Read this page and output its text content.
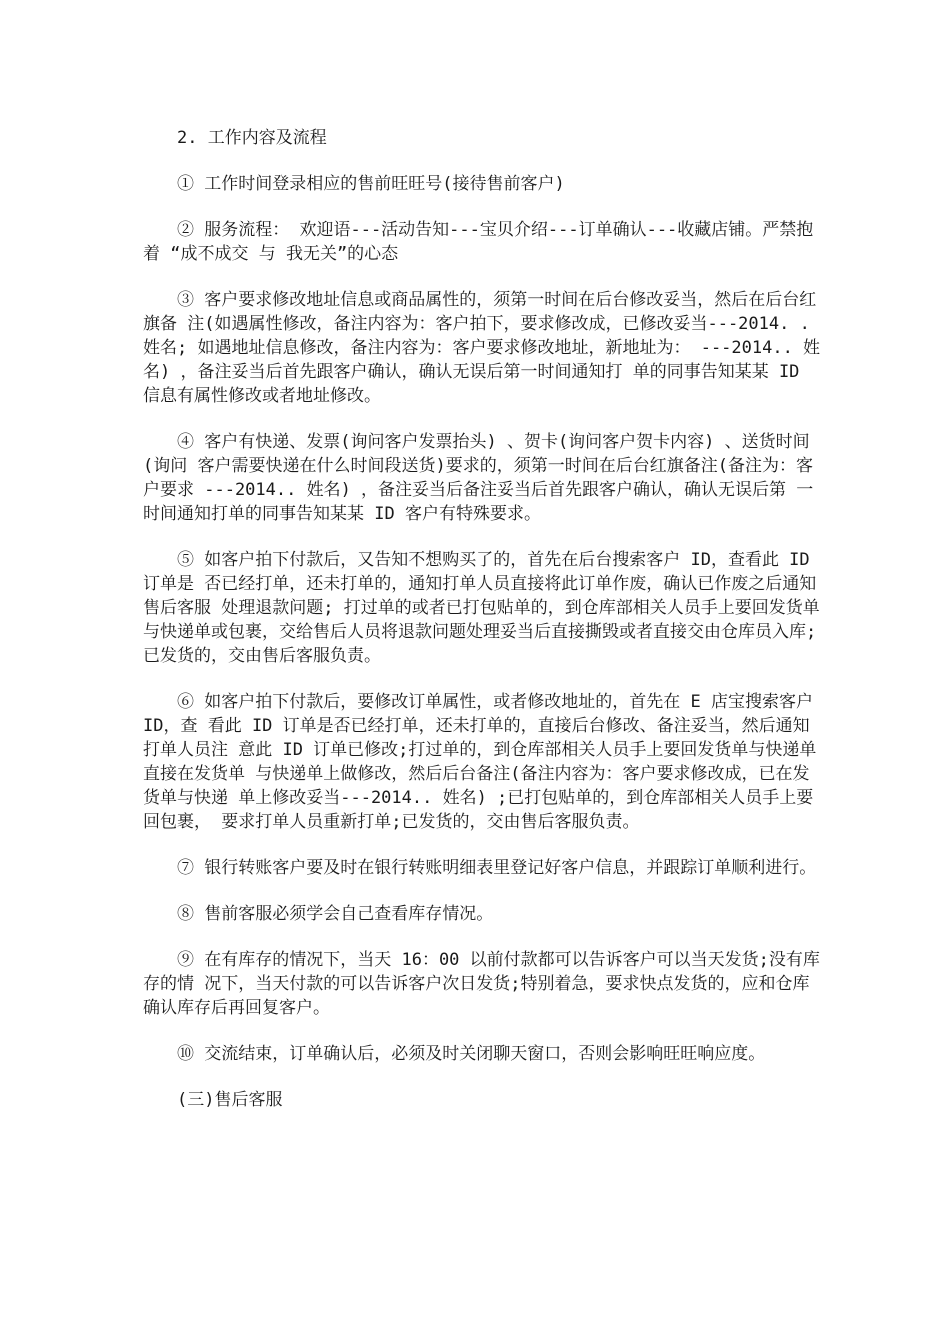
2. 工作内容及流程

① 工作时间登录相应的售前旺旺号(接待售前客户)

② 服务流程： 欢迎语---活动告知---宝贝介绍---订单确认---收藏店铺。严禁抱着 “成不成交 与 我无关”的心态

③ 客户要求修改地址信息或商品属性的，须第一时间在后台修改妥当，然后在后台红旗备 注(如遇属性修改，备注内容为：客户拍下，要求修改成，已修改妥当---2014. . 姓名; 如遇地址信息修改，备注内容为：客户要求修改地址，新地址为： ---2014.. 姓名) ，备注妥当后首先跟客户确认，确认无误后第一时间通知打 单的同事告知某某 ID 信息有属性修改或者地址修改。

④ 客户有快递、发票(询问客户发票抬头) 、贺卡(询问客户贺卡内容) 、送货时间(询问 客户需要快递在什么时间段送货)要求的，须第一时间在后台红旗备注(备注为：客户要求 ---2014.. 姓名) ，备注妥当后备注妥当后首先跟客户确认，确认无误后第 一时间通知打单的同事告知某某 ID 客户有特殊要求。

⑤ 如客户拍下付款后，又告知不想购买了的，首先在后台搜索客户 ID，查看此 ID 订单是 否已经打单，还未打单的，通知打单人员直接将此订单作废，确认已作废之后通知售后客服 处理退款问题; 打过单的或者已打包贴单的，到仓库部相关人员手上要回发货单与快递单或包裹，交给售后人员将退款问题处理妥当后直接撕毁或者直接交由仓库员入库;已发货的，交由售后客服负责。

⑥ 如客户拍下付款后，要修改订单属性，或者修改地址的，首先在 E 店宝搜索客户 ID，查 看此 ID 订单是否已经打单，还未打单的，直接后台修改、备注妥当，然后通知打单人员注 意此 ID 订单已修改;打过单的，到仓库部相关人员手上要回发货单与快递单直接在发货单 与快递单上做修改，然后后台备注(备注内容为：客户要求修改成，已在发货单与快递 单上修改妥当---2014.. 姓名) ;已打包贴单的，到仓库部相关人员手上要回包裹， 要求打单人员重新打单;已发货的，交由售后客服负责。

⑦ 银行转账客户要及时在银行转账明细表里登记好客户信息，并跟踪订单顺利进行。

⑧ 售前客服必须学会自己查看库存情况。

⑨ 在有库存的情况下，当天 16：00 以前付款都可以告诉客户可以当天发货;没有库存的情 况下，当天付款的可以告诉客户次日发货;特别着急，要求快点发货的，应和仓库确认库存后再回复客户。

⑩ 交流结束，订单确认后，必须及时关闭聊天窗口，否则会影响旺旺响应度。

(三)售后客服
